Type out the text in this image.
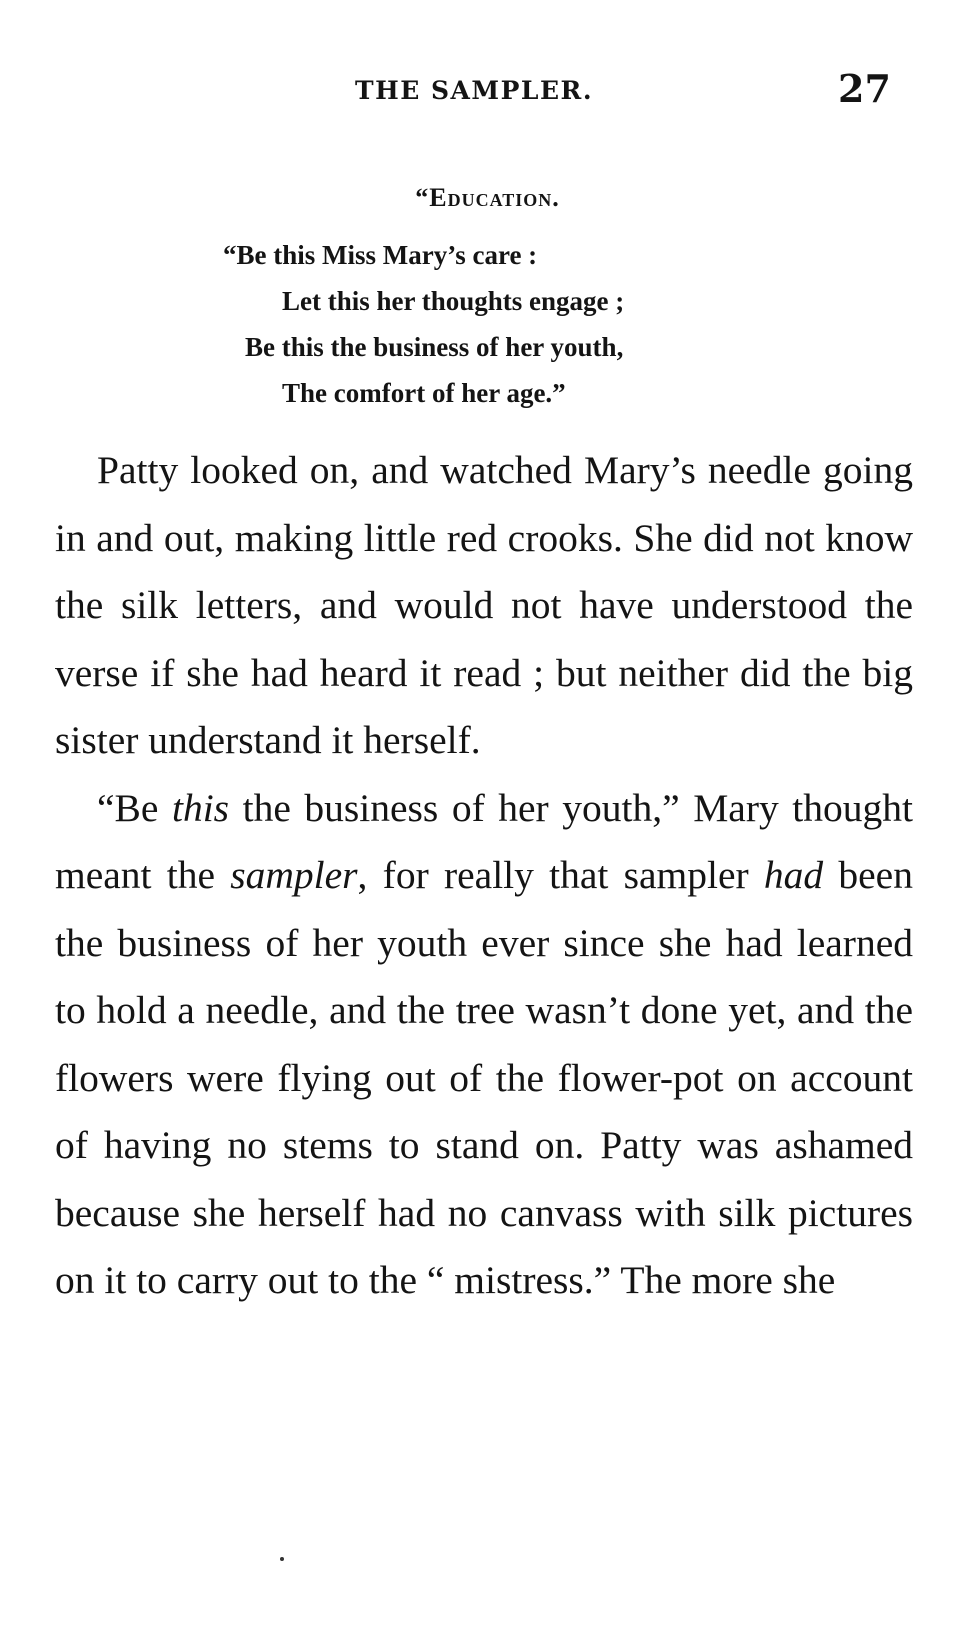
THE SAMPLER.	27
“Education.
“Be this Miss Mary’s care :
Let this her thoughts engage ;
Be this the business of her youth,
The comfort of her age.”

Patty looked on, and watched Mary’s needle going in and out, making little red crooks. She did not know the silk letters, and would not have understood the verse if she had heard it read ; but neither did the big sister understand it herself.

“Be this the business of her youth,” Mary thought meant the sampler, for really that sampler had been the business of her youth ever since she had learned to hold a needle, and the tree wasn’t done yet, and the flowers were flying out of the flower-pot on account of having no stems to stand on. Patty was ashamed because she herself had no canvass with silk pictures on it to carry out to the “ mistress.” The more she
